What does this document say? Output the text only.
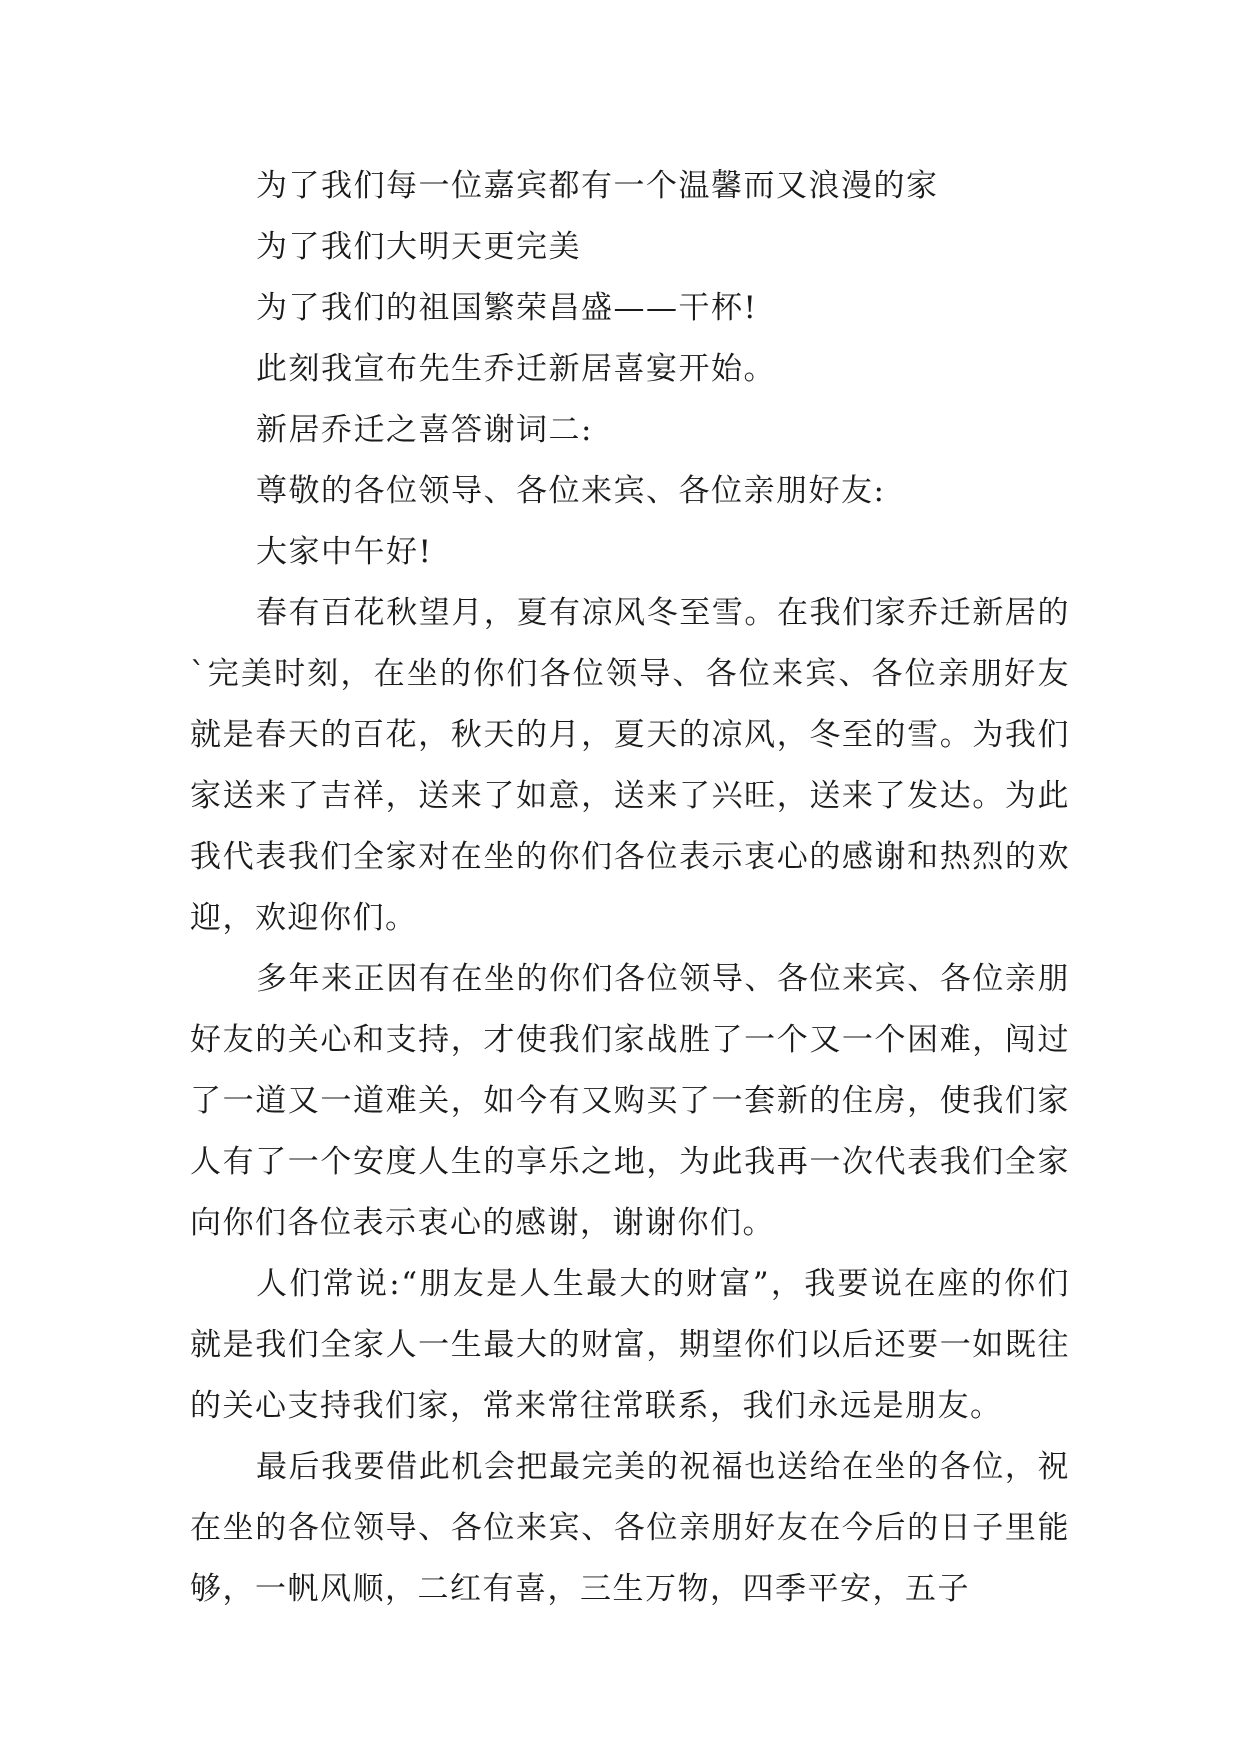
为了我们每一位嘉宾都有一个温馨而又浪漫的家

为了我们大明天更完美

为了我们的祖国繁荣昌盛——干杯!

此刻我宣布先生乔迁新居喜宴开始。

新居乔迁之喜答谢词二:

尊敬的各位领导、各位来宾、各位亲朋好友:

大家中午好!

春有百花秋望月，夏有凉风冬至雪。在我们家乔迁新居的`完美时刻，在坐的你们各位领导、各位来宾、各位亲朋好友就是春天的百花，秋天的月，夏天的凉风，冬至的雪。为我们家送来了吉祥，送来了如意，送来了兴旺，送来了发达。为此我代表我们全家对在坐的你们各位表示衷心的感谢和热烈的欢迎，欢迎你们。

多年来正因有在坐的你们各位领导、各位来宾、各位亲朋好友的关心和支持，才使我们家战胜了一个又一个困难，闯过了一道又一道难关，如今有又购买了一套新的住房，使我们家人有了一个安度人生的享乐之地，为此我再一次代表我们全家向你们各位表示衷心的感谢，谢谢你们。

人们常说:“朋友是人生最大的财富”，我要说在座的你们就是我们全家人一生最大的财富，期望你们以后还要一如既往的关心支持我们家，常来常往常联系，我们永远是朋友。

最后我要借此机会把最完美的祝福也送给在坐的各位，祝在坐的各位领导、各位来宾、各位亲朋好友在今后的日子里能够，一帆风顺，二红有喜，三生万物，四季平安，五子
